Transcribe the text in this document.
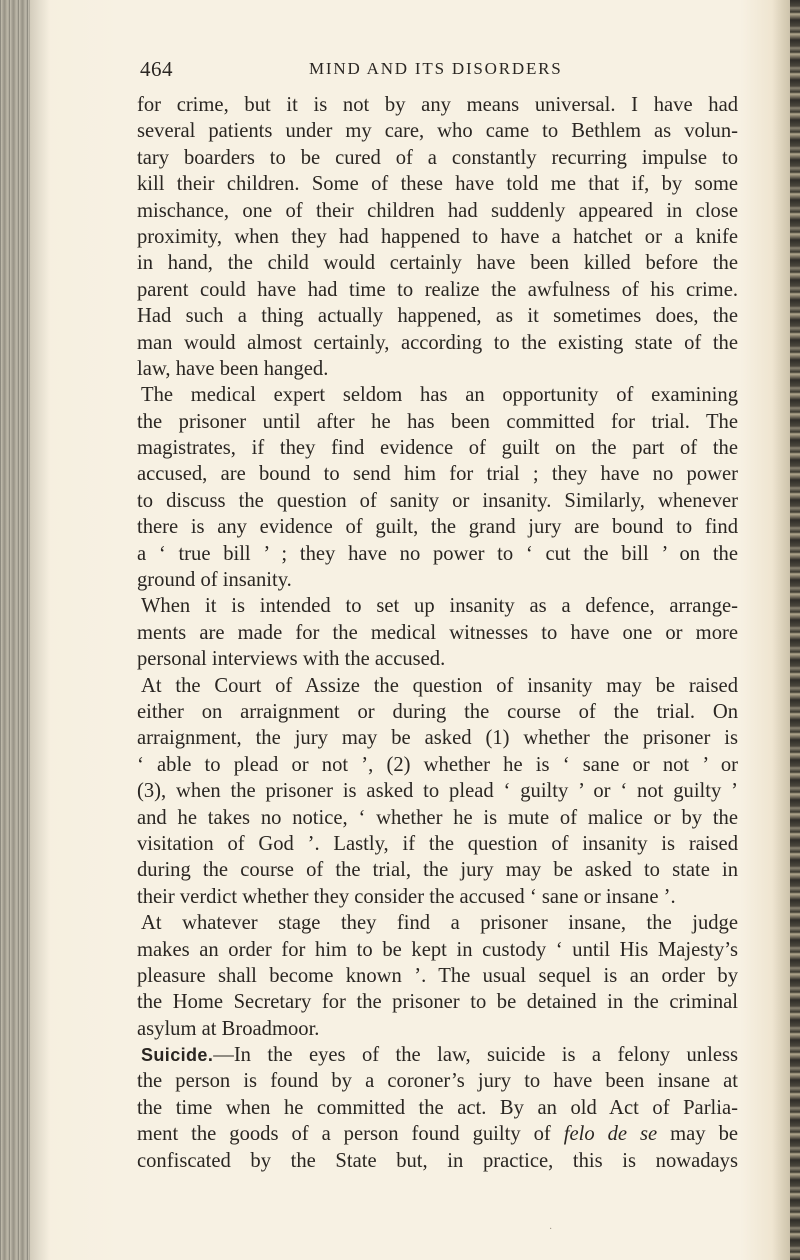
464	MIND AND ITS DISORDERS
for crime, but it is not by any means universal. I have had
several patients under my care, who came to Bethlem as volun-
tary boarders to be cured of a constantly recurring impulse to
kill their children. Some of these have told me that if, by some
mischance, one of their children had suddenly appeared in close
proximity, when they had happened to have a hatchet or a knife
in hand, the child would certainly have been killed before the
parent could have had time to realize the awfulness of his crime.
Had such a thing actually happened, as it sometimes does, the
man would almost certainly, according to the existing state of the
law, have been hanged.
The medical expert seldom has an opportunity of examining
the prisoner until after he has been committed for trial. The
magistrates, if they find evidence of guilt on the part of the
accused, are bound to send him for trial ; they have no power
to discuss the question of sanity or insanity. Similarly, whenever
there is any evidence of guilt, the grand jury are bound to find
a ‘ true bill ’ ; they have no power to ‘ cut the bill ’ on the
ground of insanity.
When it is intended to set up insanity as a defence, arrange-
ments are made for the medical witnesses to have one or more
personal interviews with the accused.
At the Court of Assize the question of insanity may be raised
either on arraignment or during the course of the trial. On
arraignment, the jury may be asked (1) whether the prisoner is
‘ able to plead or not ’, (2) whether he is ‘ sane or not ’ or
(3), when the prisoner is asked to plead ‘ guilty ’ or ‘ not guilty ’
and he takes no notice, ‘ whether he is mute of malice or by the
visitation of God ’. Lastly, if the question of insanity is raised
during the course of the trial, the jury may be asked to state in
their verdict whether they consider the accused ‘ sane or insane ’.
At whatever stage they find a prisoner insane, the judge
makes an order for him to be kept in custody ‘ until His Majesty’s
pleasure shall become known ’. The usual sequel is an order by
the Home Secretary for the prisoner to be detained in the criminal
asylum at Broadmoor.
Suicide.—In the eyes of the law, suicide is a felony unless
the person is found by a coroner’s jury to have been insane at
the time when he committed the act. By an old Act of Parlia-
ment the goods of a person found guilty of felo de se may be
confiscated by the State but, in practice, this is nowadays
·
